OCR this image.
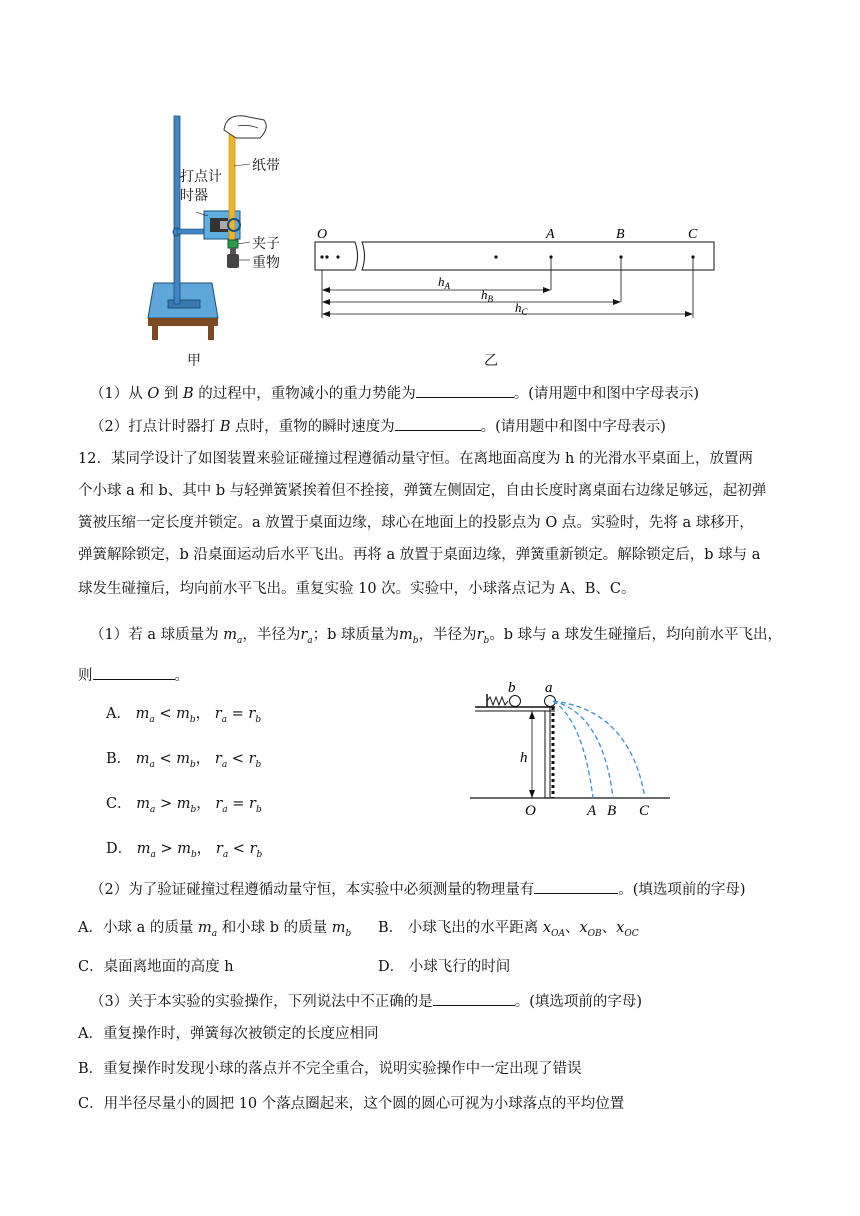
打点计
时器
纸带
夹子
重物
甲
O	A	B	C
$h_A$
$h_B$
$h_C$
乙
（1）从 O 到 B 的过程中，重物减小的重力势能为	。(请用题中和图中字母表示)
（2）打点计时器打 B 点时，重物的瞬时速度为	。(请用题中和图中字母表示)
12．某同学设计了如图装置来验证碰撞过程遵循动量守恒。在离地面高度为 h 的光滑水平桌面上，放置两
个小球 a 和 b、其中 b 与轻弹簧紧挨着但不拴接，弹簧左侧固定，自由长度时离桌面右边缘足够远，起初弹
簧被压缩一定长度并锁定。a 放置于桌面边缘，球心在地面上的投影点为 O 点。实验时，先将 a 球移开，
弹簧解除锁定，b 沿桌面运动后水平飞出。再将 a 放置于桌面边缘，弹簧重新锁定。解除锁定后，b 球与 a
球发生碰撞后，均向前水平飞出。重复实验 10 次。实验中，小球落点记为 A、B、C。
（1）若 a 球质量为 $m_a$，半径为$r_a$；b 球质量为$m_b$，半径为$r_b$。b 球与 a 球发生碰撞后，均向前水平飞出，
则	。
A． $m_a < m_b$， $r_a = r_b$
B． $m_a < m_b$， $r_a < r_b$
C． $m_a > m_b$， $r_a = r_b$
D． $m_a > m_b$， $r_a < r_b$
b a
h
O	A B C
（2）为了验证碰撞过程遵循动量守恒，本实验中必须测量的物理量有	。(填选项前的字母)
A．小球 a 的质量 $m_a$ 和小球 b 的质量 $m_b$ B． 小球飞出的水平距离 $x_{OA}$、$x_{OB}$、$x_{OC}$
C．桌面离地面的高度 h	D． 小球飞行的时间
（3）关于本实验的实验操作，下列说法中不正确的是	。(填选项前的字母)
A．重复操作时，弹簧每次被锁定的长度应相同
B．重复操作时发现小球的落点并不完全重合，说明实验操作中一定出现了错误
C．用半径尽量小的圆把 10 个落点圈起来，这个圆的圆心可视为小球落点的平均位置
